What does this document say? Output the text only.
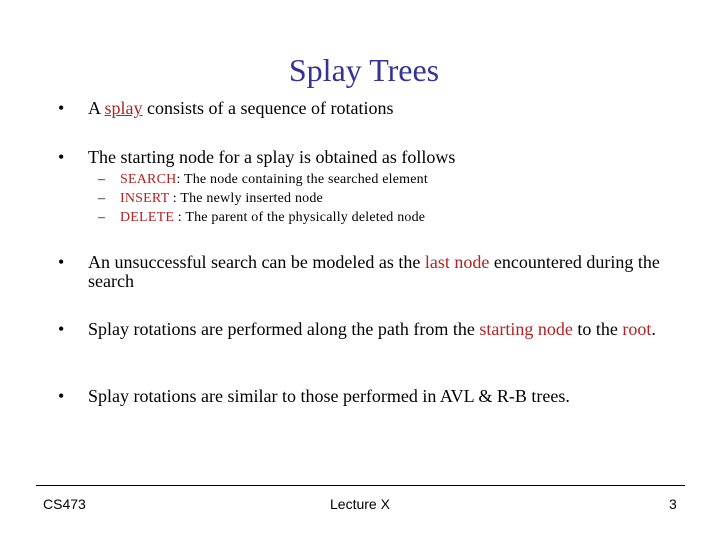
Splay Trees
• A splay consists of a sequence of rotations
• The starting node for a splay is obtained as follows
– SEARCH: The node containing the searched element
– INSERT : The newly inserted node
– DELETE : The parent of the physically deleted node
• An unsuccessful search can be modeled as the last node encountered during the search
• Splay rotations are performed along the path from the starting node to the root.
• Splay rotations are similar to those performed in AVL & R-B trees.
CS473	Lecture X	3
